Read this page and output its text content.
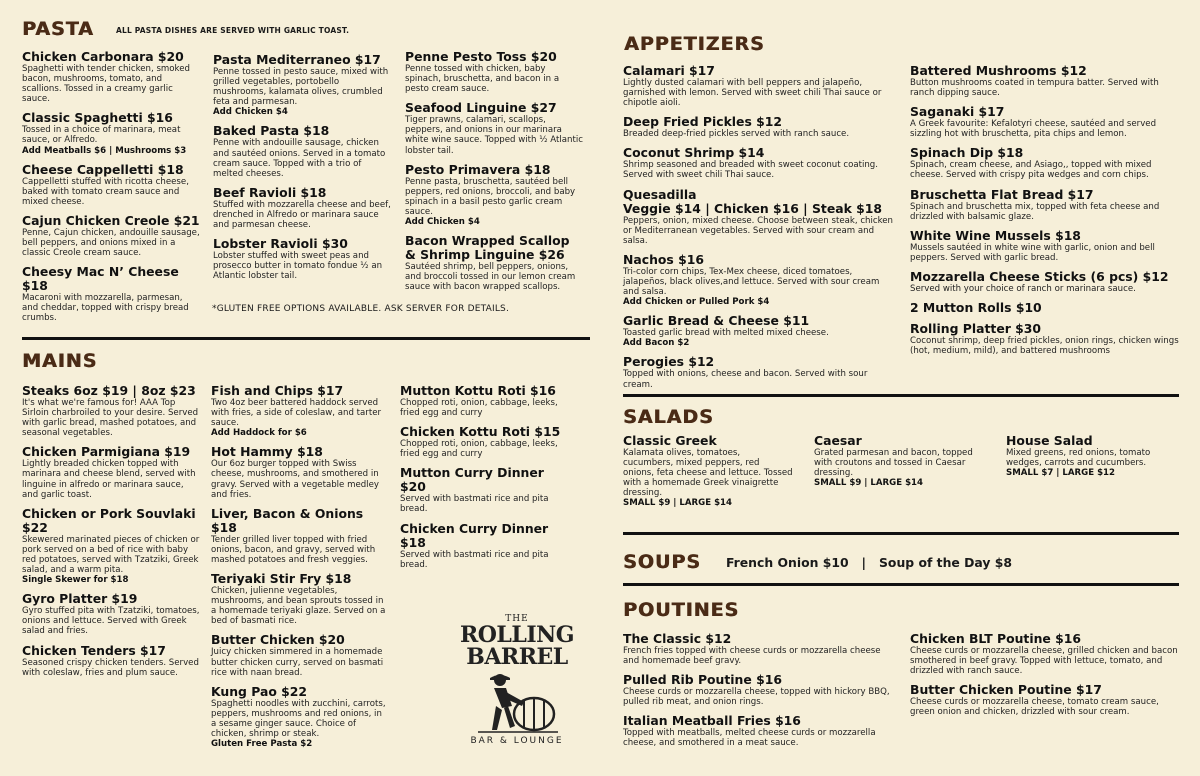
PASTA	ALL PASTA DISHES ARE SERVED WITH GARLIC TOAST.
Chicken Carbonara $20
Spaghetti with tender chicken, smoked bacon, mushrooms, tomato, and scallions. Tossed in a creamy garlic sauce.
Classic Spaghetti $16
Tossed in a choice of marinara, meat sauce, or Alfredo.
Add Meatballs $6 | Mushrooms $3
Cheese Cappelletti $18
Cappelletti stuffed with ricotta cheese, baked with tomato cream sauce and mixed cheese.
Cajun Chicken Creole $21
Penne, Cajun chicken, andouille sausage, bell peppers, and onions mixed in a classic Creole cream sauce.
Cheesy Mac N’ Cheese $18
Macaroni with mozzarella, parmesan, and cheddar, topped with crispy bread crumbs.
Pasta Mediterraneo $17
Penne tossed in pesto sauce, mixed with grilled vegetables, portobello mushrooms, kalamata olives, crumbled feta and parmesan.
Add Chicken $4
Baked Pasta $18
Penne with andouille sausage, chicken and sautéed onions. Served in a tomato cream sauce. Topped with a trio of melted cheeses.
Beef Ravioli $18
Stuffed with mozzarella cheese and beef, drenched in Alfredo or marinara sauce and parmesan cheese.
Lobster Ravioli $30
Lobster stuffed with sweet peas and prosecco butter in tomato fondue ½ an Atlantic lobster tail.
Penne Pesto Toss $20
Penne tossed with chicken, baby spinach, bruschetta, and bacon in a pesto cream sauce.
Seafood Linguine $27
Tiger prawns, calamari, scallops, peppers, and onions in our marinara white wine sauce. Topped with ½ Atlantic lobster tail.
Pesto Primavera $18
Penne pasta, bruschetta, sautéed bell peppers, red onions, broccoli, and baby spinach in a basil pesto garlic cream sauce.
Add Chicken $4
Bacon Wrapped Scallop & Shrimp Linguine $26
Sautéed shrimp, bell peppers, onions, and broccoli tossed in our lemon cream sauce with bacon wrapped scallops.
*GLUTEN FREE OPTIONS AVAILABLE. ASK SERVER FOR DETAILS.
MAINS
Steaks 6oz $19 | 8oz $23
It's what we're famous for! AAA Top Sirloin charbroiled to your desire. Served with garlic bread, mashed potatoes, and seasonal vegetables.
Chicken Parmigiana $19
Lightly breaded chicken topped with marinara and cheese blend, served with linguine in alfredo or marinara sauce, and garlic toast.
Chicken or Pork Souvlaki $22
Skewered marinated pieces of chicken or pork served on a bed of rice with baby red potatoes, served with Tzatziki, Greek salad, and a warm pita.
Single Skewer for $18
Gyro Platter $19
Gyro stuffed pita with Tzatziki, tomatoes, onions and lettuce. Served with Greek salad and fries.
Chicken Tenders $17
Seasoned crispy chicken tenders. Served with coleslaw, fries and plum sauce.
Fish and Chips $17
Two 4oz beer battered haddock served with fries, a side of coleslaw, and tarter sauce.
Add Haddock for $6
Hot Hammy $18
Our 6oz burger topped with Swiss cheese, mushrooms, and smothered in gravy. Served with a vegetable medley and fries.
Liver, Bacon & Onions $18
Tender grilled liver topped with fried onions, bacon, and gravy, served with mashed potatoes and fresh veggies.
Teriyaki Stir Fry $18
Chicken, julienne vegetables, mushrooms, and bean sprouts tossed in a homemade teriyaki glaze. Served on a bed of basmati rice.
Butter Chicken $20
Juicy chicken simmered in a homemade butter chicken curry, served on basmati rice with naan bread.
Kung Pao $22
Spaghetti noodles with zucchini, carrots, peppers, mushrooms and red onions, in a sesame ginger sauce. Choice of chicken, shrimp or steak.
Gluten Free Pasta $2
Mutton Kottu Roti $16
Chopped roti, onion, cabbage, leeks, fried egg and curry
Chicken Kottu Roti $15
Chopped roti, onion, cabbage, leeks, fried egg and curry
Mutton Curry Dinner $20
Served with bastmati rice and pita bread.
Chicken Curry Dinner $18
Served with bastmati rice and pita bread.
THE
ROLLING
BARREL
BAR & LOUNGE
APPETIZERS
Calamari $17
Lightly dusted calamari with bell peppers and jalapeño, garnished with lemon. Served with sweet chili Thai sauce or chipotle aioli.
Deep Fried Pickles $12
Breaded deep-fried pickles served with ranch sauce.
Coconut Shrimp $14
Shrimp seasoned and breaded with sweet coconut coating. Served with sweet chili Thai sauce.
Quesadilla
Veggie $14 | Chicken $16 | Steak $18
Peppers, onion, mixed cheese. Choose between steak, chicken or Mediterranean vegetables. Served with sour cream and salsa.
Nachos $16
Tri-color corn chips, Tex-Mex cheese, diced tomatoes, jalapeños, black olives,and lettuce. Served with sour cream and salsa.
Add Chicken or Pulled Pork $4
Garlic Bread & Cheese $11
Toasted garlic bread with melted mixed cheese.
Add Bacon $2
Perogies $12
Topped with onions, cheese and bacon. Served with sour cream.
Battered Mushrooms $12
Button mushrooms coated in tempura batter. Served with ranch dipping sauce.
Saganaki $17
A Greek favourite: Kefalotyri cheese, sautéed and served sizzling hot with bruschetta, pita chips and lemon.
Spinach Dip $18
Spinach, cream cheese, and Asiago,, topped with mixed cheese. Served with crispy pita wedges and corn chips.
Bruschetta Flat Bread $17
Spinach and bruschetta mix, topped with feta cheese and drizzled with balsamic glaze.
White Wine Mussels $18
Mussels sautéed in white wine with garlic, onion and bell peppers. Served with garlic bread.
Mozzarella Cheese Sticks (6 pcs) $12
Served with your choice of ranch or marinara sauce.
2 Mutton Rolls $10
Rolling Platter $30
Coconut shrimp, deep fried pickles, onion rings, chicken wings (hot, medium, mild), and battered mushrooms
SALADS
Classic Greek
Kalamata olives, tomatoes, cucumbers, mixed peppers, red onions, feta cheese and lettuce. Tossed with a homemade Greek vinaigrette dressing.
SMALL $9 | LARGE $14
Caesar
Grated parmesan and bacon, topped with croutons and tossed in Caesar dressing.
SMALL $9 | LARGE $14
House Salad
Mixed greens, red onions, tomato wedges, carrots and cucumbers.
SMALL $7 | LARGE $12
SOUPS French Onion $10   |   Soup of the Day $8
POUTINES
The Classic $12
French fries topped with cheese curds or mozzarella cheese and homemade beef gravy.
Pulled Rib Poutine $16
Cheese curds or mozzarella cheese, topped with hickory BBQ, pulled rib meat, and onion rings.
Italian Meatball Fries $16
Topped with meatballs, melted cheese curds or mozzarella cheese, and smothered in a meat sauce.
Chicken BLT Poutine $16
Cheese curds or mozzarella cheese, grilled chicken and bacon smothered in beef gravy. Topped with lettuce, tomato, and drizzled with ranch sauce.
Butter Chicken Poutine $17
Cheese curds or mozzarella cheese, tomato cream sauce, green onion and chicken, drizzled with sour cream.
